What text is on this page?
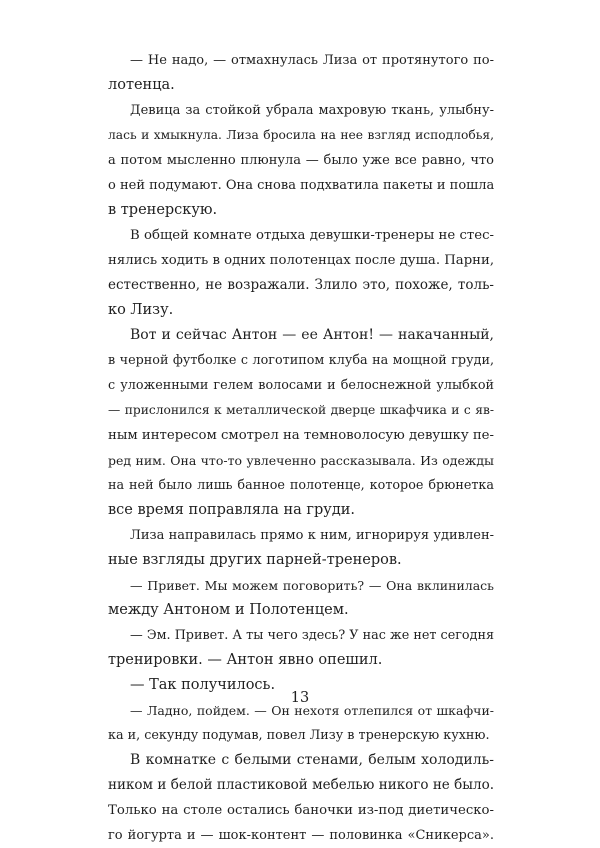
— Не надо, — отмахнулась Лиза от протянутого по-
лотенца.
Девица за стойкой убрала махровую ткань, улыбну-
лась и хмыкнула. Лиза бросила на нее взгляд исподлобья,
а потом мысленно плюнула — было уже все равно, что
о ней подумают. Она снова подхватила пакеты и пошла
в тренерскую.
В общей комнате отдыха девушки-тренеры не стес-
нялись ходить в одних полотенцах после душа. Парни,
естественно, не возражали. Злило это, похоже, толь-
ко Лизу.
Вот и сейчас Антон — ее Антон! — накачанный,
в черной футболке с логотипом клуба на мощной груди,
с уложенными гелем волосами и белоснежной улыбкой
— прислонился к металлической дверце шкафчика и с яв-
ным интересом смотрел на темноволосую девушку пе-
ред ним. Она что-то увлеченно рассказывала. Из одежды
на ней было лишь банное полотенце, которое брюнетка
все время поправляла на груди.
Лиза направилась прямо к ним, игнорируя удивлен-
ные взгляды других парней-тренеров.
— Привет. Мы можем поговорить? — Она вклинилась
между Антоном и Полотенцем.
— Эм. Привет. А ты чего здесь? У нас же нет сегодня
тренировки. — Антон явно опешил.
— Так получилось.
— Ладно, пойдем. — Он нехотя отлепился от шкафчи-
ка и, секунду подумав, повел Лизу в тренерскую кухню.
В комнатке с белыми стенами, белым холодиль-
ником и белой пластиковой мебелью никого не было.
Только на столе остались баночки из-под диетическо-
го йогурта и — шок-контент — половинка «Сникерса».
13
